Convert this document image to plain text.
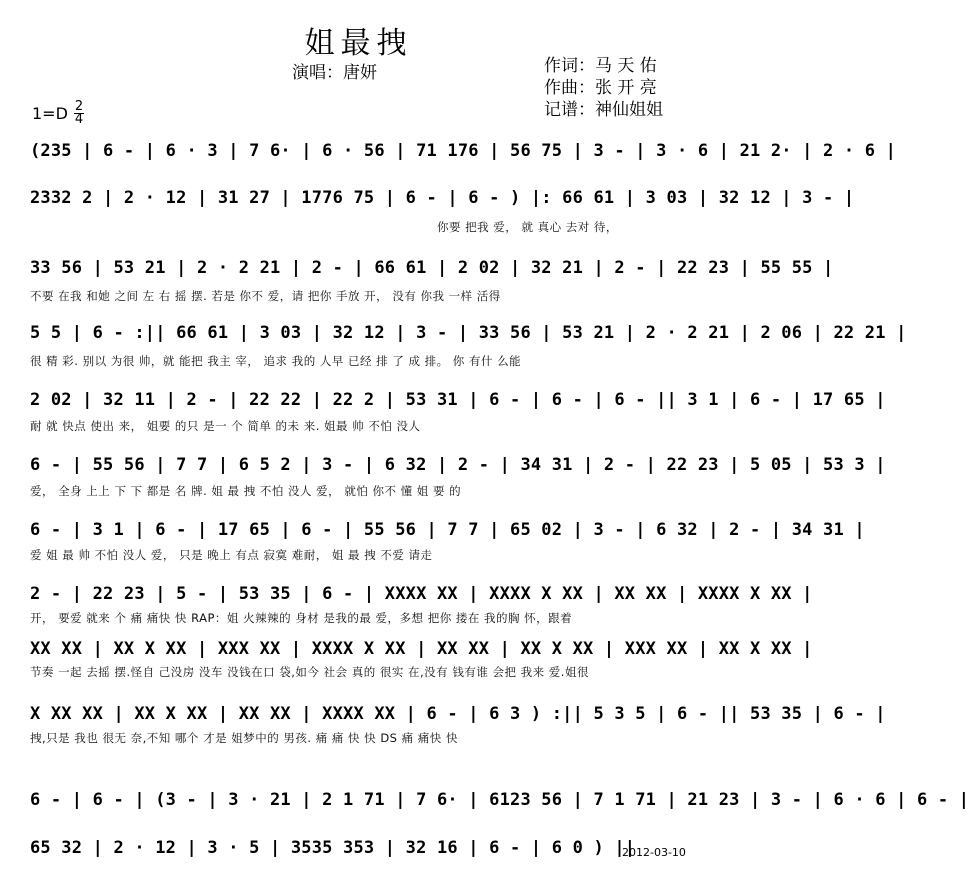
姐最拽
演唱：唐妍	作词：马 天 佑
作曲：张 开 亮
记谱：神仙姐姐
$1=D \frac{2}{4}$
(235 | 6 - | 6 · 3 | 7 6· | 6 · 56 | 71 176 | 56 75 | 3 - | 3 · 6 | 21 2· | 2 · 6 |
2332 2 | 2 · 12 | 31 27 | 1776 75 | 6 - | 6 - ) |: 66 61 | 3 03 | 32 12 | 3 - |
你要 把我 爱， 就 真心 去对 待，
33 56 | 53 21 | 2 · 2 21 | 2 - | 66 61 | 2 02 | 32 21 | 2 - | 22 23 | 55 55 |
不要 在我 和她 之间 左 右 摇 摆. 若是 你不 爱，请 把你 手放 开， 没有 你我 一样 活得
5 5 | 6 - :|| 66 61 | 3 03 | 32 12 | 3 - | 33 56 | 53 21 | 2 · 2 21 | 2 06 | 22 21 |
很 精 彩. 别以 为很 帅，就 能把 我主 宰， 追求 我的 人早 已经 排 了 成 排。 你 有什 么能
2 02 | 32 11 | 2 - | 22 22 | 22 2 | 53 31 | 6 - | 6 - | 6 - || 3 1 | 6 - | 17 65 |
耐 就 快点 使出 来， 姐要 的只 是一 个 简单 的未 来. 姐最 帅 不怕 没人
6 - | 55 56 | 7 7 | 6 5 2 | 3 - | 6 32 | 2 - | 34 31 | 2 - | 22 23 | 5 05 | 53 3 |
爱， 全身 上上 下 下 都是 名 牌. 姐 最 拽 不怕 没人 爱， 就怕 你不 懂 姐 要 的
6 - | 3 1 | 6 - | 17 65 | 6 - | 55 56 | 7 7 | 65 02 | 3 - | 6 32 | 2 - | 34 31 |
爱 姐 最 帅 不怕 没人 爱， 只是 晚上 有点 寂寞 难耐， 姐 最 拽 不爱 请走
2 - | 22 23 | 5 - | 53 35 | 6 - | XXXX XX | XXXX X XX | XX XX | XXXX X XX |
开， 要爱 就来 个 痛 痛快 快 RAP：姐 火辣辣的 身材 是我的最 爱，多想 把你 搂在 我的胸 怀，跟着
XX XX | XX X XX | XXX XX | XXXX X XX | XX XX | XX X XX | XXX XX | XX X XX |
节奏 一起 去摇 摆.怪自 己没房 没车 没钱在口 袋,如今 社会 真的 很实 在,没有 钱有谁 会把 我来 爱.姐很
X XX XX | XX X XX | XX XX | XXXX XX | 6 - | 6 3 ) :|| 5 3 5 | 6 - || 53 35 | 6 - |
拽,只是 我也 很无 奈,不知 哪个 才是 姐梦中的 男孩. 痛 痛 快 快 DS 痛 痛快 快
6 - | 6 - | (3 - | 3 · 21 | 2 1 71 | 7 6· | 6123 56 | 7 1 71 | 21 23 | 3 - | 6 · 6 | 6 - |
65 32 | 2 · 12 | 3 · 5 | 3535 353 | 32 16 | 6 - | 6 0 ) ||
2012-03-10
